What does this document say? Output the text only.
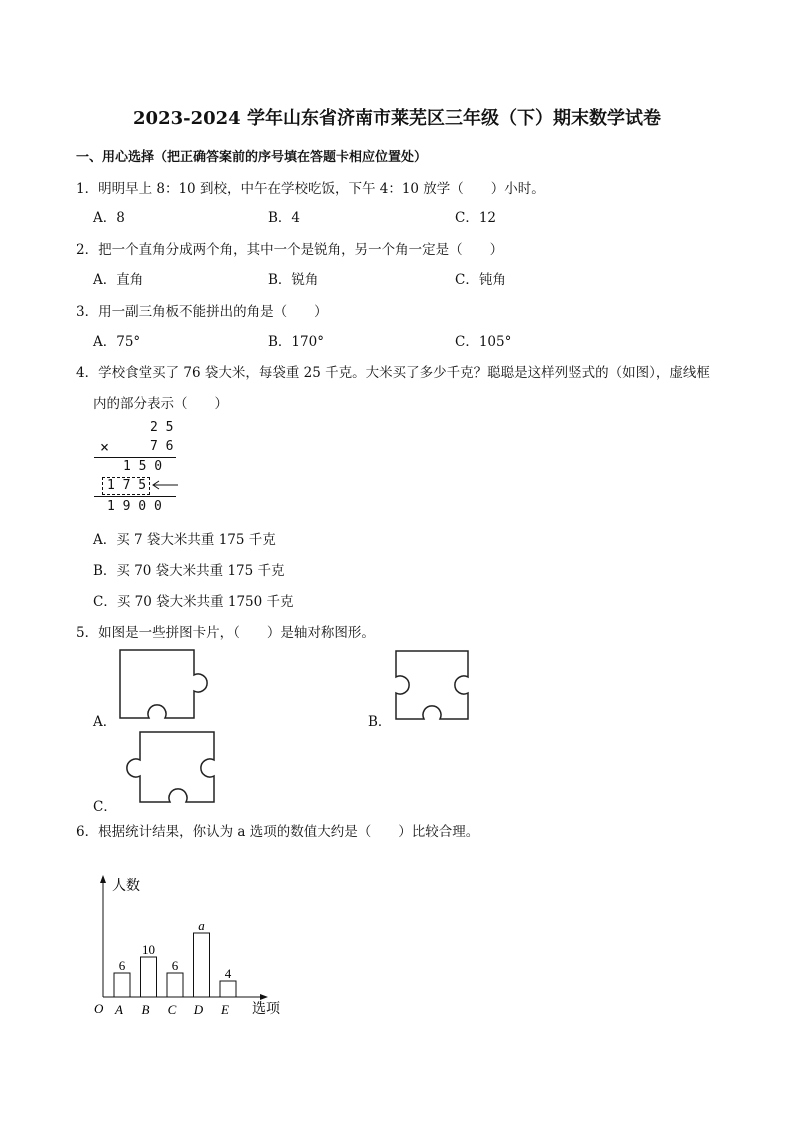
2023-2024 学年山东省济南市莱芜区三年级（下）期末数学试卷
一、用心选择（把正确答案前的序号填在答题卡相应位置处）
1．明明早上 8：10 到校，中午在学校吃饭，下午 4：10 放学（　　）小时。
A．8	B．4	C．12
2．把一个直角分成两个角，其中一个是锐角，另一个角一定是（　　）
A．直角	B．锐角	C．钝角
3．用一副三角板不能拼出的角是（　　）
A．75°	B．170°	C．105°
4．学校食堂买了 76 袋大米，每袋重 25 千克。大米买了多少千克？聪聪是这样列竖式的（如图），虚线框
内的部分表示（　　）
2 5
×	7 6
1 5 0
1 7 5
1 9 0 0
A．买 7 袋大米共重 175 千克
B．买 70 袋大米共重 175 千克
C．买 70 袋大米共重 1750 千克
5．如图是一些拼图卡片，（　　）是轴对称图形。
A．	B．
C．
6．根据统计结果，你认为 a 选项的数值大约是（　　）比较合理。
人数
选项
O
6
A
10
B
6
C
a
D
4
E
